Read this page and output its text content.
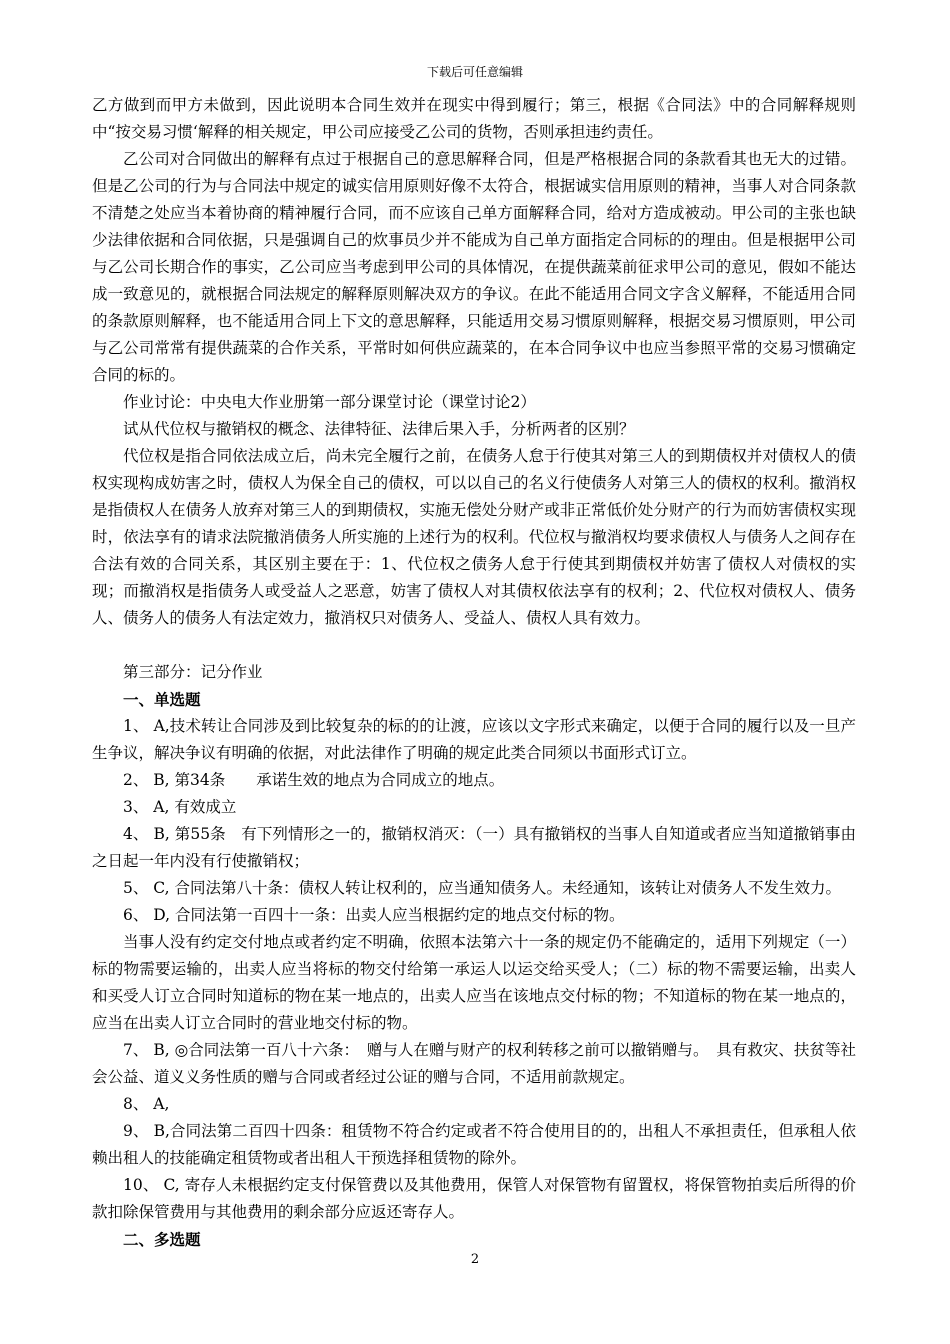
下载后可任意编辑

乙方做到而甲方未做到，因此说明本合同生效并在现实中得到履行；第三，根据《合同法》中的合同解释规则中“按交易习惯‘解释的相关规定，甲公司应接受乙公司的货物，否则承担违约责任。

乙公司对合同做出的解释有点过于根据自己的意思解释合同，但是严格根据合同的条款看其也无大的过错。但是乙公司的行为与合同法中规定的诚实信用原则好像不太符合，根据诚实信用原则的精神，当事人对合同条款不清楚之处应当本着协商的精神履行合同，而不应该自己单方面解释合同，给对方造成被动。甲公司的主张也缺少法律依据和合同依据，只是强调自己的炊事员少并不能成为自己单方面指定合同标的的理由。但是根据甲公司与乙公司长期合作的事实，乙公司应当考虑到甲公司的具体情况，在提供蔬菜前征求甲公司的意见，假如不能达成一致意见的，就根据合同法规定的解释原则解决双方的争议。在此不能适用合同文字含义解释，不能适用合同的条款原则解释，也不能适用合同上下文的意思解释，只能适用交易习惯原则解释，根据交易习惯原则，甲公司与乙公司常常有提供蔬菜的合作关系，平常时如何供应蔬菜的，在本合同争议中也应当参照平常的交易习惯确定合同的标的。

作业讨论：中央电大作业册第一部分课堂讨论（课堂讨论2）

试从代位权与撤销权的概念、法律特征、法律后果入手，分析两者的区别？

代位权是指合同依法成立后，尚未完全履行之前，在债务人怠于行使其对第三人的到期债权并对债权人的债权实现构成妨害之时，债权人为保全自己的债权，可以以自己的名义行使债务人对第三人的债权的权利。撤消权是指债权人在债务人放弃对第三人的到期债权，实施无偿处分财产或非正常低价处分财产的行为而妨害债权实现时，依法享有的请求法院撤消债务人所实施的上述行为的权利。代位权与撤消权均要求债权人与债务人之间存在合法有效的合同关系，其区别主要在于：1、代位权之债务人怠于行使其到期债权并妨害了债权人对债权的实现；而撤消权是指债务人或受益人之恶意，妨害了债权人对其债权依法享有的权利；2、代位权对债权人、债务人、债务人的债务人有法定效力，撤消权只对债务人、受益人、债权人具有效力。

第三部分：记分作业

一、单选题

1、 A,技术转让合同涉及到比较复杂的标的的让渡，应该以文字形式来确定，以便于合同的履行以及一旦产生争议，解决争议有明确的依据，对此法律作了明确的规定此类合同须以书面形式订立。

2、 B, 第34条　　承诺生效的地点为合同成立的地点。

3、 A, 有效成立

4、 B, 第55条　有下列情形之一的，撤销权消灭：（一）具有撤销权的当事人自知道或者应当知道撤销事由之日起一年内没有行使撤销权；

5、 C, 合同法第八十条：债权人转让权利的，应当通知债务人。未经通知，该转让对债务人不发生效力。

6、 D, 合同法第一百四十一条：出卖人应当根据约定的地点交付标的物。

当事人没有约定交付地点或者约定不明确，依照本法第六十一条的规定仍不能确定的，适用下列规定（一）标的物需要运输的，出卖人应当将标的物交付给第一承运人以运交给买受人；（二）标的物不需要运输，出卖人和买受人订立合同时知道标的物在某一地点的，出卖人应当在该地点交付标的物；不知道标的物在某一地点的，应当在出卖人订立合同时的营业地交付标的物。

7、 B, ◎合同法第一百八十六条：　赠与人在赠与财产的权利转移之前可以撤销赠与。　具有救灾、扶贫等社会公益、道义义务性质的赠与合同或者经过公证的赠与合同，不适用前款规定。

8、 A,

9、 B,合同法第二百四十四条：租赁物不符合约定或者不符合使用目的的，出租人不承担责任，但承租人依赖出租人的技能确定租赁物或者出租人干预选择租赁物的除外。

10、 C, 寄存人未根据约定支付保管费以及其他费用，保管人对保管物有留置权，将保管物拍卖后所得的价款扣除保管费用与其他费用的剩余部分应返还寄存人。

二、多选题

2
